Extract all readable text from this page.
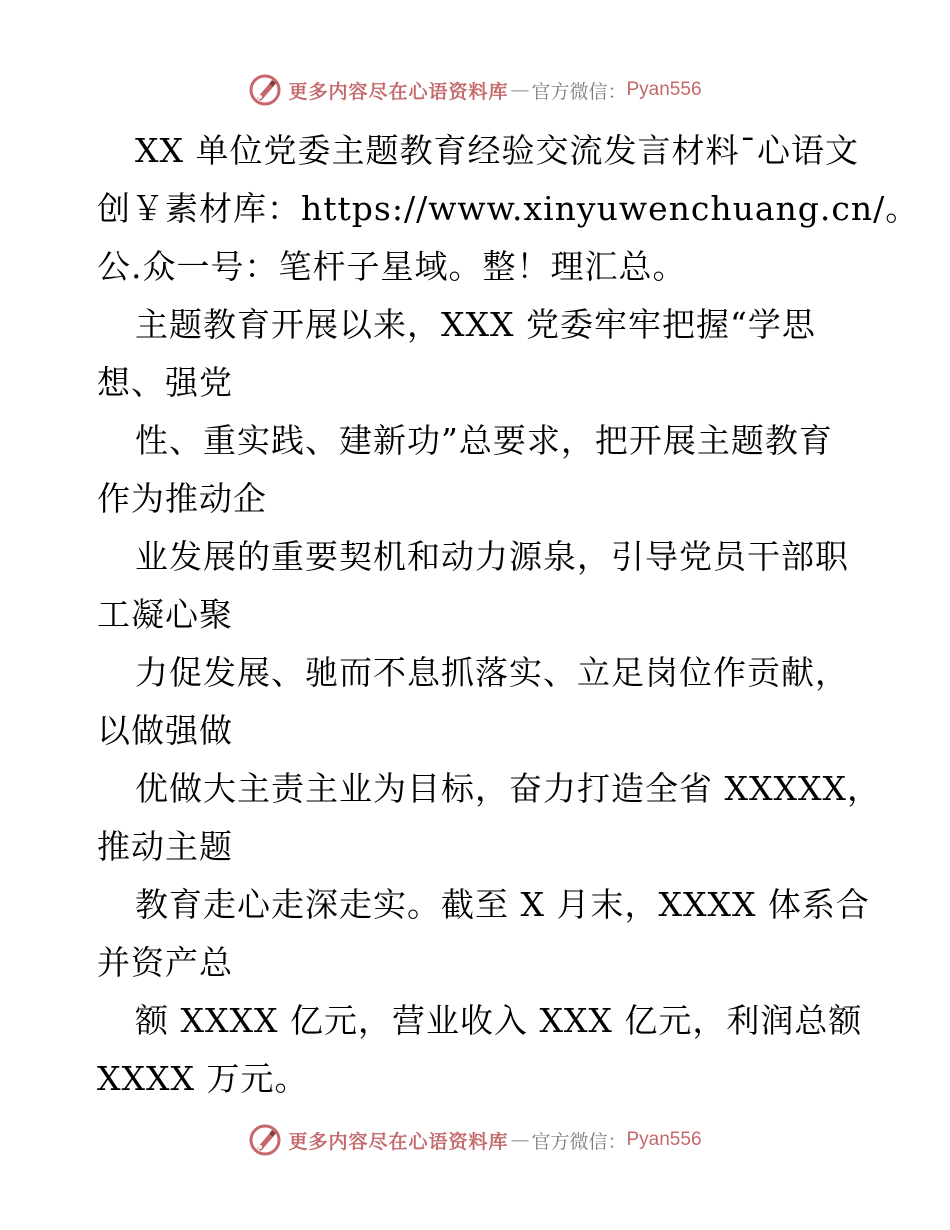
更多内容尽在心语资料库 — 官方微信： Pyan556
XX 单位党委主题教育经验交流发言材料¯心语文
创￥素材库：https://www.xinyuwenchuang.cn/。
公.众一号：笔杆子星域。整！理汇总。
主题教育开展以来，XXX 党委牢牢把握“学思
想、强党
性、重实践、建新功”总要求，把开展主题教育
作为推动企
业发展的重要契机和动力源泉，引导党员干部职
工凝心聚
力促发展、驰而不息抓落实、立足岗位作贡献，
以做强做
优做大主责主业为目标，奋力打造全省 XXXXX，
推动主题
教育走心走深走实。截至 X 月末，XXXX 体系合
并资产总
额 XXXX 亿元，营业收入 XXX 亿元，利润总额
XXXX 万元。
更多内容尽在心语资料库 — 官方微信： Pyan556
